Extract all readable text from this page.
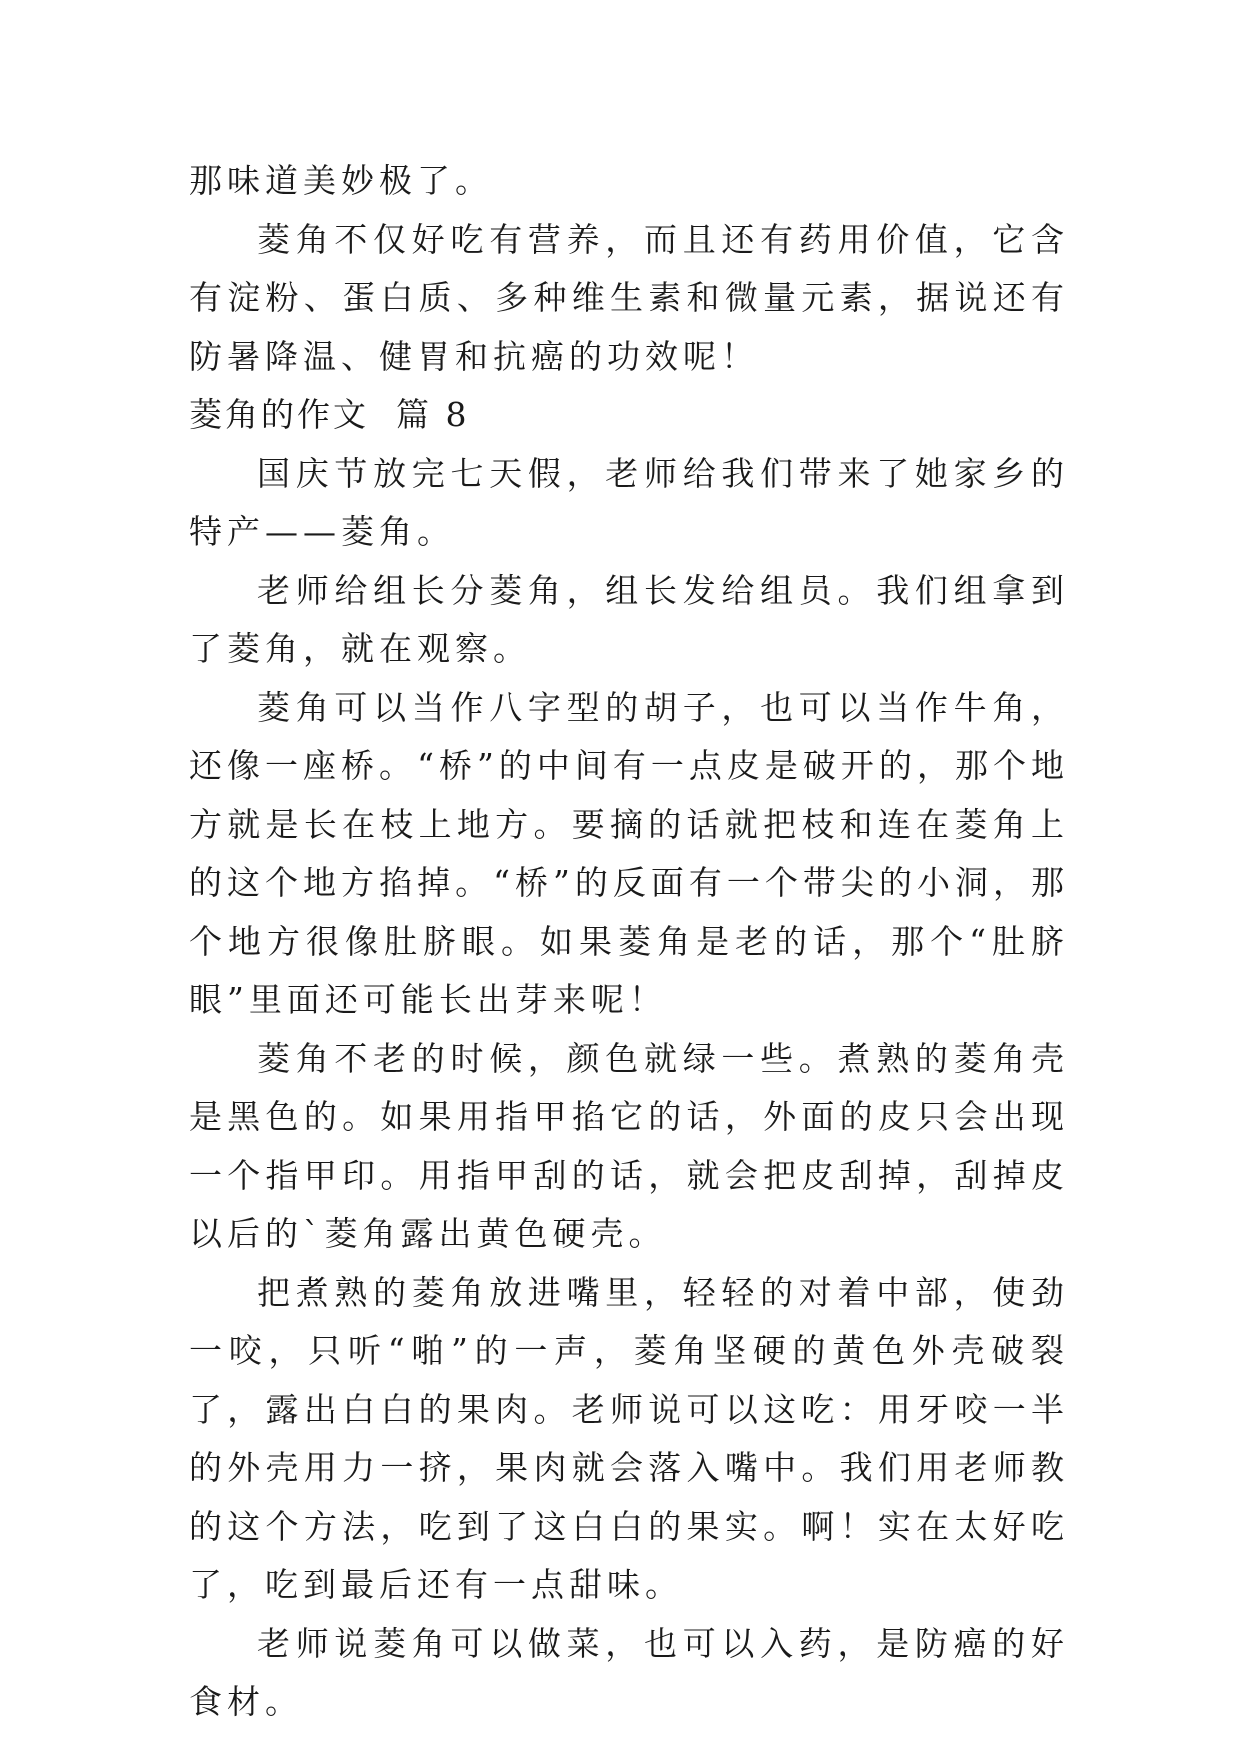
那味道美妙极了。

菱角不仅好吃有营养，而且还有药用价值，它含有淀粉、蛋白质、多种维生素和微量元素，据说还有防暑降温、健胃和抗癌的功效呢！

菱角的作文  篇 8

国庆节放完七天假，老师给我们带来了她家乡的特产——菱角。

老师给组长分菱角，组长发给组员。我们组拿到了菱角，就在观察。

菱角可以当作八字型的胡子，也可以当作牛角，还像一座桥。“桥”的中间有一点皮是破开的，那个地方就是长在枝上地方。要摘的话就把枝和连在菱角上的这个地方掐掉。“桥”的反面有一个带尖的小洞，那个地方很像肚脐眼。如果菱角是老的话，那个“肚脐眼”里面还可能长出芽来呢！

菱角不老的时候，颜色就绿一些。煮熟的菱角壳是黑色的。如果用指甲掐它的话，外面的皮只会出现一个指甲印。用指甲刮的话，就会把皮刮掉，刮掉皮以后的`菱角露出黄色硬壳。

把煮熟的菱角放进嘴里，轻轻的对着中部，使劲一咬，只听“啪”的一声，菱角坚硬的黄色外壳破裂了，露出白白的果肉。老师说可以这吃：用牙咬一半的外壳用力一挤，果肉就会落入嘴中。我们用老师教的这个方法，吃到了这白白的果实。啊！实在太好吃了，吃到最后还有一点甜味。

老师说菱角可以做菜，也可以入药，是防癌的好食材。
